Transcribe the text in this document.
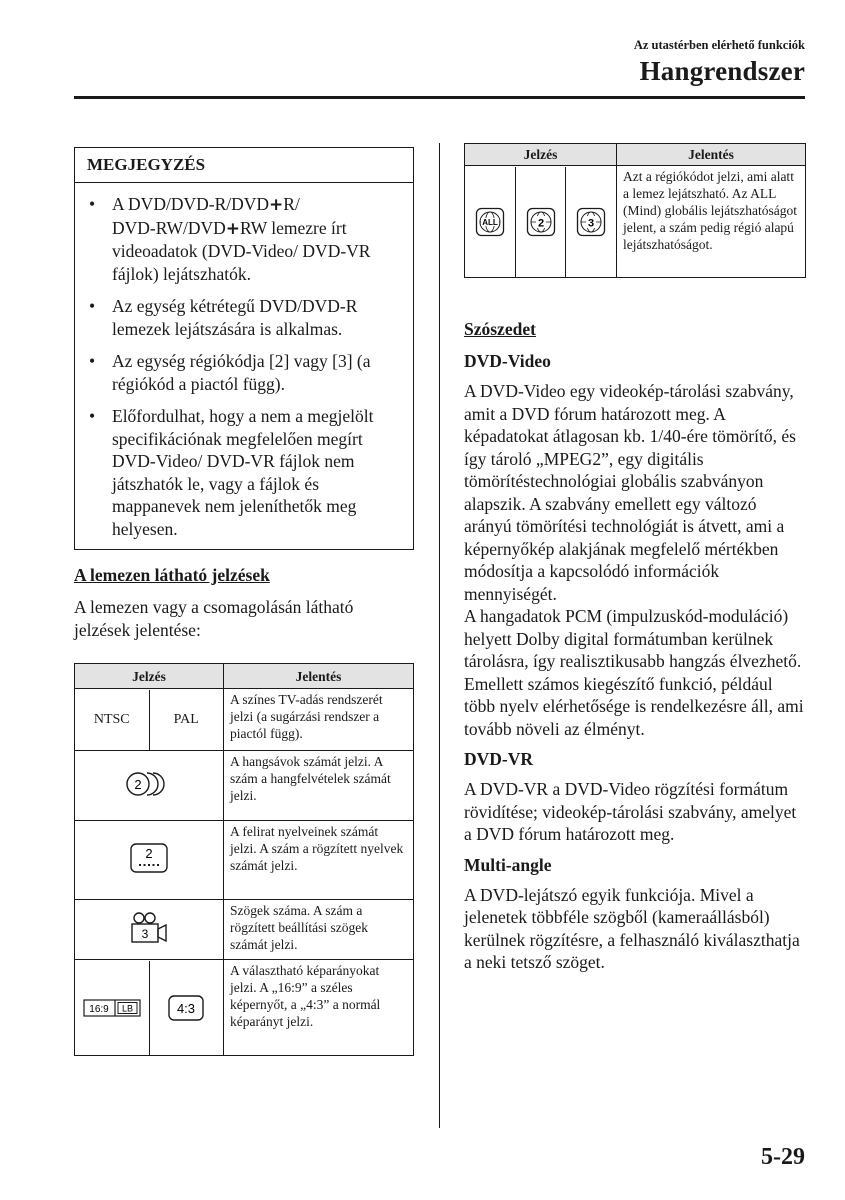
Az utastérben elérhető funkciók
Hangrendszer
MEGJEGYZÉS
• A DVD/DVD-R/DVD+R/
DVD-RW/DVD+RW lemezre írt videoadatok (DVD-Video/ DVD-VR fájlok) lejátszhatók.
• Az egység kétrétegű DVD/DVD-R lemezek lejátszására is alkalmas.
• Az egység régiókódja [2] vagy [3] (a régiókód a piactól függ).
• Előfordulhat, hogy a nem a megjelölt specifikációnak megfelelően megírt DVD-Video/ DVD-VR fájlok nem játszhatók le, vagy a fájlok és mappanevek nem jeleníthetők meg helyesen.
A lemezen látható jelzések
A lemezen vagy a csomagolásán látható jelzések jelentése:
Jelzés	Jelentés

NTSC PAL	A színes TV-adás rendszerét jelzi (a sugárzási rendszer a piactól függ).

2	A hangsávok számát jelzi. A szám a hangfelvételek számát jelzi.

2	A felirat nyelveinek számát jelzi. A szám a rögzített nyelvek számát jelzi.

3	Szögek száma. A szám a rögzített beállítási szögek számát jelzi.

16:9 LB 4:3	A választható képarányokat jelzi. A „16:9” a széles képernyőt, a „4:3” a normál képarányt jelzi.
Jelzés	Jelentés

ALL 2 3	Azt a régiókódot jelzi, ami alatt a lemez lejátszható. Az ALL (Mind) globális lejátszhatóságot jelent, a szám pedig régió alapú lejátszhatóságot.
Szószedet
DVD-Video
A DVD-Video egy videokép-tárolási szabvány, amit a DVD fórum határozott meg. A képadatokat átlagosan kb. 1/40-ére tömörítő, és így tároló „MPEG2”, egy digitális tömörítéstechnológiai globális szabványon alapszik. A szabvány emellett egy változó arányú tömörítési technológiát is átvett, ami a képernyőkép alakjának megfelelő mértékben módosítja a kapcsolódó információk mennyiségét.
A hangadatok PCM (impulzuskód-moduláció) helyett Dolby digital formátumban kerülnek tárolásra, így realisztikusabb hangzás élvezhető. Emellett számos kiegészítő funkció, például több nyelv elérhetősége is rendelkezésre áll, ami tovább növeli az élményt.
DVD-VR
A DVD-VR a DVD-Video rögzítési formátum rövidítése; videokép-tárolási szabvány, amelyet a DVD fórum határozott meg.
Multi-angle
A DVD-lejátszó egyik funkciója. Mivel a jelenetek többféle szögből (kameraállásból) kerülnek rögzítésre, a felhasználó kiválaszthatja a neki tetsző szöget.
5-29
